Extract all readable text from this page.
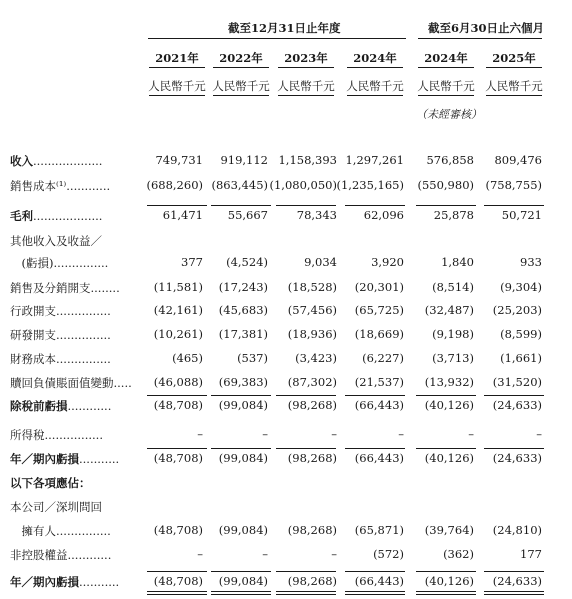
截至12月31日止年度	截至6月30日止六個月
2021年	2022年	2023年	2024年	2024年	2025年
人民幣千元 人民幣千元 人民幣千元 人民幣千元 人民幣千元 人民幣千元
（未經審核）
收入...................	749,731	919,112 1,158,393 1,297,261	576,858	809,476
銷售成本⁽¹⁾............	(688,260) (863,445) (1,080,050) (1,235,165)	(550,980) (758,755)
毛利...................	61,471	55,667	78,343	62,096	25,878	50,721
其他收入及收益／
　(虧損)...............	377	(4,524)	9,034	3,920	1,840	933
銷售及分銷開支........	(11,581)	(17,243)	(18,528)	(20,301)	(8,514)	(9,304)
行政開支...............	(42,161)	(45,683)	(57,456)	(65,725)	(32,487)	(25,203)
研發開支...............	(10,261)	(17,381)	(18,936)	(18,669)	(9,198)	(8,599)
財務成本...............	(465)	(537)	(3,423)	(6,227)	(3,713)	(1,661)
贖回負債賬面值變動.....	(46,088)	(69,383)	(87,302)	(21,537)	(13,932)	(31,520)
除稅前虧損............	(48,708)	(99,084)	(98,268)	(66,443)	(40,126)	(24,633)
所得稅................	–	–	–	–	–	–
年／期內虧損...........	(48,708)	(99,084)	(98,268)	(66,443)	(40,126)	(24,633)
以下各項應佔：
本公司／深圳問回
　擁有人...............	(48,708)	(99,084)	(98,268)	(65,871)	(39,764)	(24,810)
非控股權益............	–	–	–	(572)	(362)	177
年／期內虧損...........	(48,708)	(99,084)	(98,268)	(66,443)	(40,126)	(24,633)
